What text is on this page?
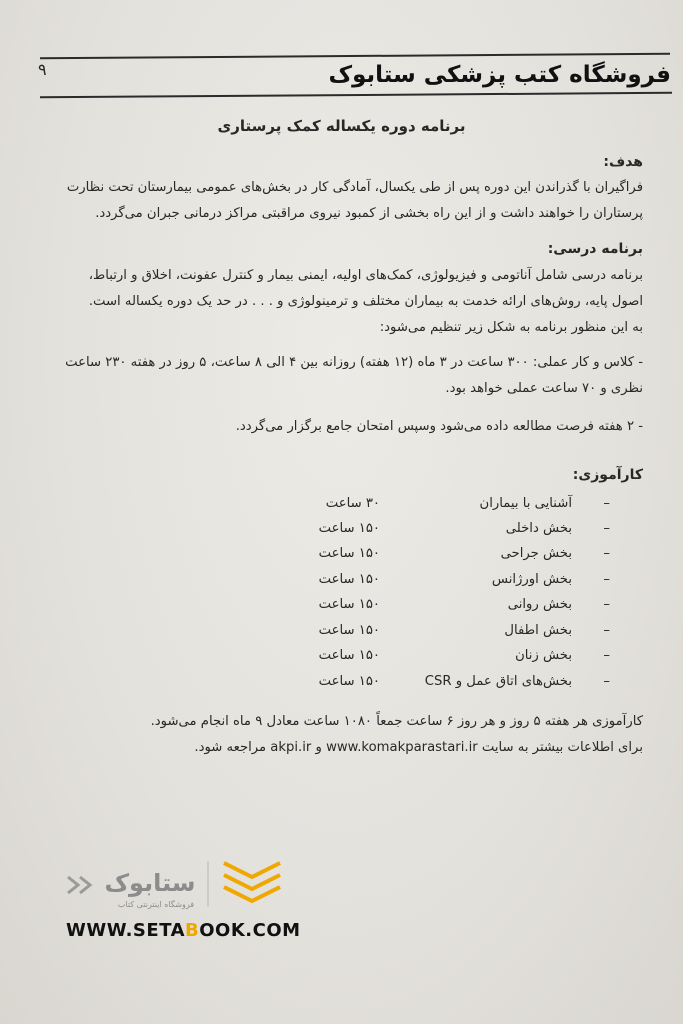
۹	فروشگاه کتب پزشکی ستابوک
برنامه دوره یکساله کمک پرستاری
هدف:
فراگیران با گذراندن این دوره پس از طی یکسال، آمادگی کار در بخش‌های عمومی بیمارستان تحت نظارت
پرستاران را خواهند داشت و از این راه بخشی از کمبود نیروی مراقبتی مراکز درمانی جبران می‌گردد.
برنامه درسی:
برنامه درسی شامل آناتومی و فیزیولوژی، کمک‌های اولیه، ایمنی بیمار و کنترل عفونت، اخلاق و ارتباط،
اصول پایه، روش‌های ارائه خدمت به بیماران مختلف و ترمینولوژی و . . . در حد یک دوره یکساله است.
به این منظور برنامه به شکل زیر تنظیم می‌شود:
- کلاس و کار عملی: ۳۰۰ ساعت در ۳ ماه (۱۲ هفته) روزانه بین ۴ الی ۸ ساعت، ۵ روز در هفته ۲۳۰ ساعت
نظری و ۷۰ ساعت عملی خواهد بود.
- ۲ هفته فرصت مطالعه داده می‌شود وسپس امتحان جامع برگزار می‌گردد.
کارآموزی:
–
آشنایی با بیماران
۳۰ ساعت
–
بخش داخلی
۱۵۰ ساعت
–
بخش جراحی
۱۵۰ ساعت
–
بخش اورژانس
۱۵۰ ساعت
–
بخش روانی
۱۵۰ ساعت
–
بخش اطفال
۱۵۰ ساعت
–
بخش زنان
۱۵۰ ساعت
–
بخش‌های اتاق عمل و CSR
۱۵۰ ساعت
کارآموزی هر هفته ۵ روز و هر روز ۶ ساعت جمعاً ۱۰۸۰ ساعت معادل ۹ ماه انجام می‌شود.
برای اطلاعات بیشتر به سایت www.komakparastari.ir و akpi.ir مراجعه شود.
ستابوک
فروشگاه اینترنتی کتاب
WWW.SETABOOK.COM
